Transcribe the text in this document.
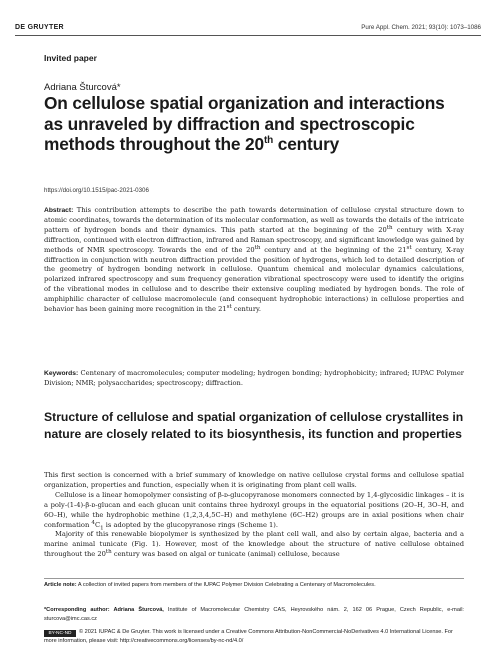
DE GRUYTER	Pure Appl. Chem. 2021; 93(10): 1073–1086
Invited paper
Adriana Šturcová*
On cellulose spatial organization and interactions as unraveled by diffraction and spectroscopic methods throughout the 20th century
https://doi.org/10.1515/pac-2021-0306

Abstract: This contribution attempts to describe the path towards determination of cellulose crystal structure down to atomic coordinates, towards the determination of its molecular conformation, as well as towards the details of the intricate pattern of hydrogen bonds and their dynamics. This path started at the beginning of the 20th century with X-ray diffraction, continued with electron diffraction, infrared and Raman spectroscopy, and significant knowledge was gained by methods of NMR spectroscopy. Towards the end of the 20th century and at the beginning of the 21st century, X-ray diffraction in conjunction with neutron diffraction provided the position of hydrogens, which led to detailed description of the geometry of hydrogen bonding network in cellulose. Quantum chemical and molecular dynamics calculations, polarized infrared spectroscopy and sum frequency generation vibrational spectroscopy were used to identify the origins of the vibrational modes in cellulose and to describe their extensive coupling mediated by hydrogen bonds. The role of amphiphilic character of cellulose macromolecule (and consequent hydrophobic interactions) in cellulose properties and behavior has been gaining more recognition in the 21st century.

Keywords: Centenary of macromolecules; computer modeling; hydrogen bonding; hydrophobicity; infrared; IUPAC Polymer Division; NMR; polysaccharides; spectroscopy; diffraction.

Structure of cellulose and spatial organization of cellulose crystallites in nature are closely related to its biosynthesis, its function and properties

This first section is concerned with a brief summary of knowledge on native cellulose crystal forms and cellulose spatial organization, properties and function, especially when it is originating from plant cell walls.

Cellulose is a linear homopolymer consisting of β-ᴅ-glucopyranose monomers connected by 1,4-glycosidic linkages – it is a poly-(1-4)-β-ᴅ-glucan and each glucan unit contains three hydroxyl groups in the equatorial positions (2O–H, 3O–H, and 6O–H), while the hydrophobic methine (1,2,3,4,5C–H) and methylene (6C–H2) groups are in axial positions when chair conformation $^4C_1$ is adopted by the glucopyranose rings (Scheme 1).

Majority of this renewable biopolymer is synthesized by the plant cell wall, and also by certain algae, bacteria and a marine animal tunicate (Fig. 1). However, most of the knowledge about the structure of native cellulose obtained throughout the 20th century was based on algal or tunicate (animal) cellulose, because

Article note: A collection of invited papers from members of the IUPAC Polymer Division Celebrating a Centenary of Macromolecules.

*Corresponding author: Adriana Šturcová, Institute of Macromolecular Chemistry CAS, Heyrovského nám. 2, 162 06 Prague, Czech Republic, e-mail: sturcova@imc.cas.cz

BY-NC-ND © 2021 IUPAC & De Gruyter. This work is licensed under a Creative Commons Attribution-NonCommercial-NoDerivatives 4.0 International License. For more information, please visit: http://creativecommons.org/licenses/by-nc-nd/4.0/
